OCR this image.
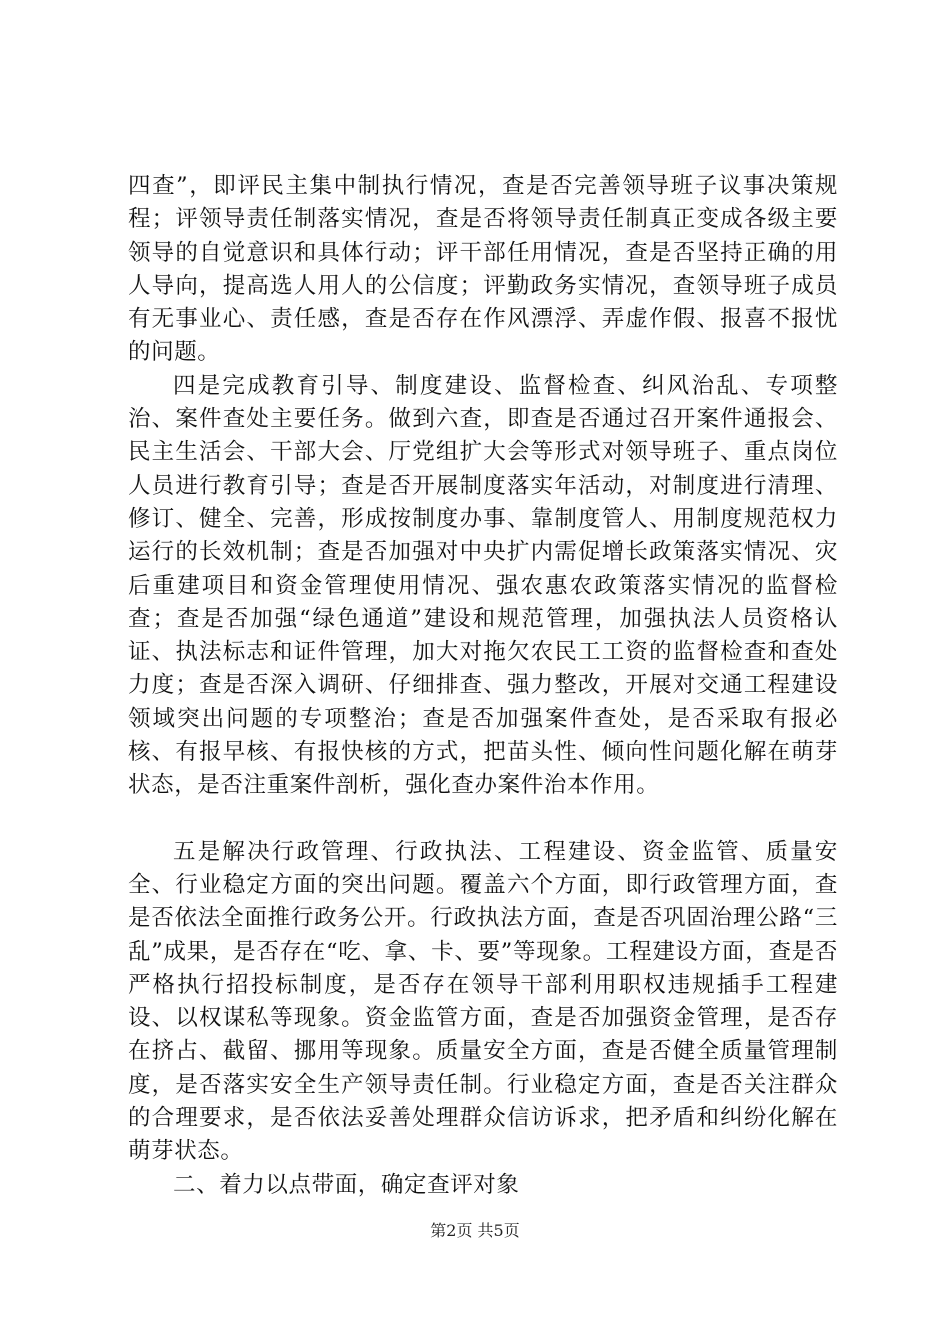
四查”，即评民主集中制执行情况，查是否完善领导班子议事决策规程；评领导责任制落实情况，查是否将领导责任制真正变成各级主要领导的自觉意识和具体行动；评干部任用情况，查是否坚持正确的用人导向，提高选人用人的公信度；评勤政务实情况，查领导班子成员有无事业心、责任感，查是否存在作风漂浮、弄虚作假、报喜不报忧的问题。

四是完成教育引导、制度建设、监督检查、纠风治乱、专项整治、案件查处主要任务。做到六查，即查是否通过召开案件通报会、民主生活会、干部大会、厅党组扩大会等形式对领导班子、重点岗位人员进行教育引导；查是否开展制度落实年活动，对制度进行清理、修订、健全、完善，形成按制度办事、靠制度管人、用制度规范权力运行的长效机制；查是否加强对中央扩内需促增长政策落实情况、灾后重建项目和资金管理使用情况、强农惠农政策落实情况的监督检查；查是否加强“绿色通道”建设和规范管理，加强执法人员资格认证、执法标志和证件管理，加大对拖欠农民工工资的监督检查和查处力度；查是否深入调研、仔细排查、强力整改，开展对交通工程建设领域突出问题的专项整治；查是否加强案件查处，是否采取有报必核、有报早核、有报快核的方式，把苗头性、倾向性问题化解在萌芽状态，是否注重案件剖析，强化查办案件治本作用。

五是解决行政管理、行政执法、工程建设、资金监管、质量安全、行业稳定方面的突出问题。覆盖六个方面，即行政管理方面，查是否依法全面推行政务公开。行政执法方面，查是否巩固治理公路“三乱”成果，是否存在“吃、拿、卡、要”等现象。工程建设方面，查是否严格执行招投标制度，是否存在领导干部利用职权违规插手工程建设、以权谋私等现象。资金监管方面，查是否加强资金管理，是否存在挤占、截留、挪用等现象。质量安全方面，查是否健全质量管理制度，是否落实安全生产领导责任制。行业稳定方面，查是否关注群众的合理要求，是否依法妥善处理群众信访诉求，把矛盾和纠纷化解在萌芽状态。

二、着力以点带面，确定查评对象

第2页 共5页
